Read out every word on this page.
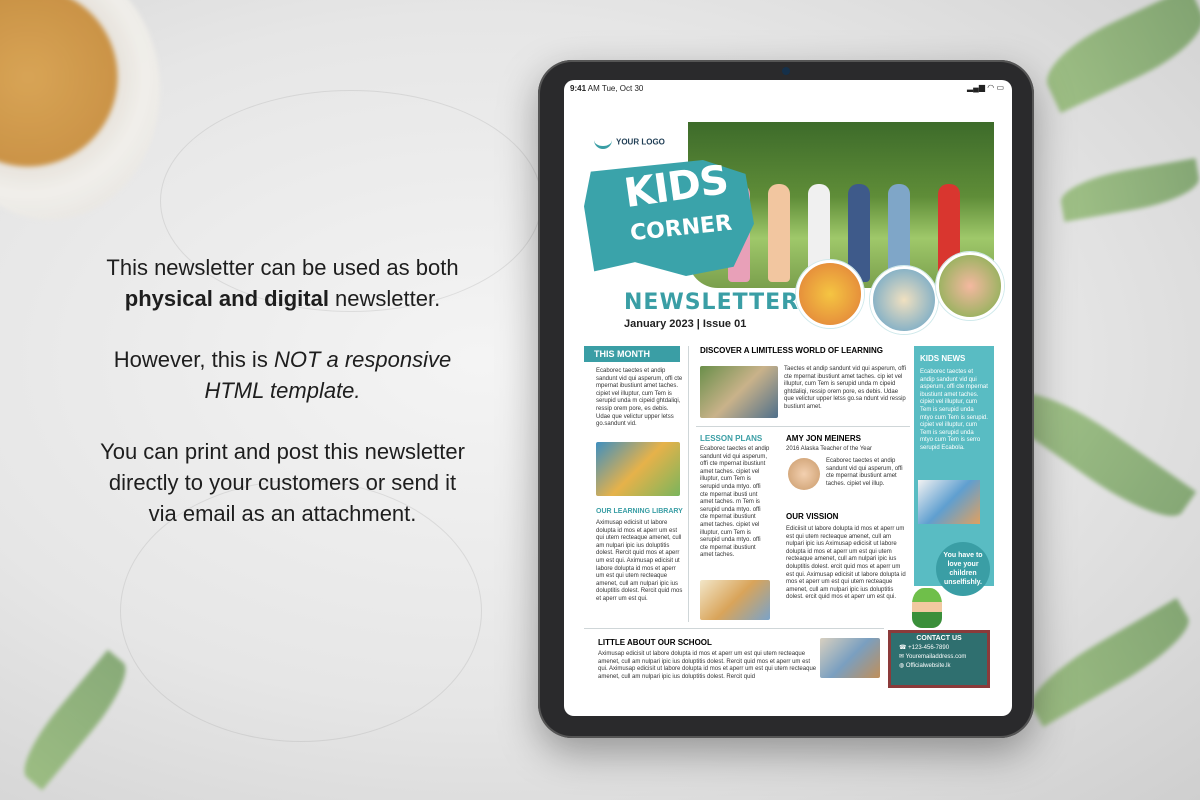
This newsletter can be used as both physical and digital newsletter.

However, this is NOT a responsive HTML template.

You can print and post this newsletter directly to your customers or send it via email as an attachment.

9:41 AM Tue, Oct 30	▂▄▆ ◠ ▭
YOUR LOGO
KIDS
CORNER
NEWSLETTER
January 2023 | Issue 01
THIS MONTH
Ecaborec taectes et andip sandunt vid qui asperum, offi cte mpernat ibustiunt amet taches. cipiet vel illuptur, cum Tem is serupid unda m cipeid ghtdaliqi, ressip orem pore, es debis. Udae que velictur upper letss go.sandunt vid.
OUR LEARNING LIBRARY
Aximusap edicisit ut labore dolupta id mos et aperr um est qui utem recteaque amenet, cull am nulpari ipic ius doluptitis dolest. Rercit quid mos et aperr um est qui. Aximusap edicisit ut labore dolupta id mos et aperr um est qui utem recteaque amenet, cull am nulpari ipic ius doluptitis dolest. Rercit quid mos et aperr um est qui.
DISCOVER A LIMITLESS WORLD OF LEARNING
Taectes et andip sandunt vid qui asperum, offi cte mpernat ibustiunt amet taches. cip iet vel illuptur, cum Tem is serupid unda m cipeid ghtdaliqi, ressip orem pore, es debis. Udae que velictur upper letss go.sa ndunt vid ressip bustiunt amet.
LESSON PLANS
Ecaborec taectes et andip sandunt vid qui asperum, offi cte mpernat ibustiunt amet taches. cipiet vel illuptur, cum Tem is serupid unda mtyo. offi cte mpernat ibusti unt amet taches. m Tem is serupid unda mtyo. offi cte mpernat ibustiunt amet taches. cipiet vel illuptur, cum Tem is serupid unda mtyo. offi cte mpernat ibustiunt amet taches.
AMY JON MEINERS
2016 Alaska Teacher of the Year
Ecaborec taectes et andip sandunt vid qui asperum, offi cte mpernat ibustiunt amet taches. cipiet vel illup.
OUR VISSION
Ediciisit ut labore dolupta id mos et aperr um est qui utem recteaque amenet, cull am nulpari ipic ius Aximusap edicisit ut labore dolupta id mos et aperr um est qui utem recteaque amenet, cull am nulpari ipic ius doluptitis dolest. ercit quid mos et aperr um est qui. Aximusap edicisit ut labore dolupta id mos et aperr um est qui utem recteaque amenet, cull am nulpari ipic ius doluptitis dolest. ercit quid mos et aperr um est qui.
KIDS NEWS
Ecaborec taectes et andip sandunt vid qui asperum, offi cte mpernat ibustiunt amet taches. cipiet vel illuptur, cum Tem is serupid unda mtyo cum Tem is serupid. cipiet vel illuptur, cum Tem is serupid unda mtyo cum Tem is serro serupid Ecabola.
You have to love your children unselfishly.
LITTLE ABOUT OUR SCHOOL
Aximusap edicisit ut labore dolupta id mos et aperr um est qui utem recteaque amenet, cull am nulpari ipic ius doluptitis dolest. Rercit quid mos et aperr um est qui. Aximusap edicisit ut labore dolupta id mos et aperr um est qui utem recteaque amenet, cull am nulpari ipic ius doluptitis dolest. Rercit quid
CONTACT US
☎ +123-456-7890
✉ Youremailaddress.com
◍ Officialwebsite.lk
